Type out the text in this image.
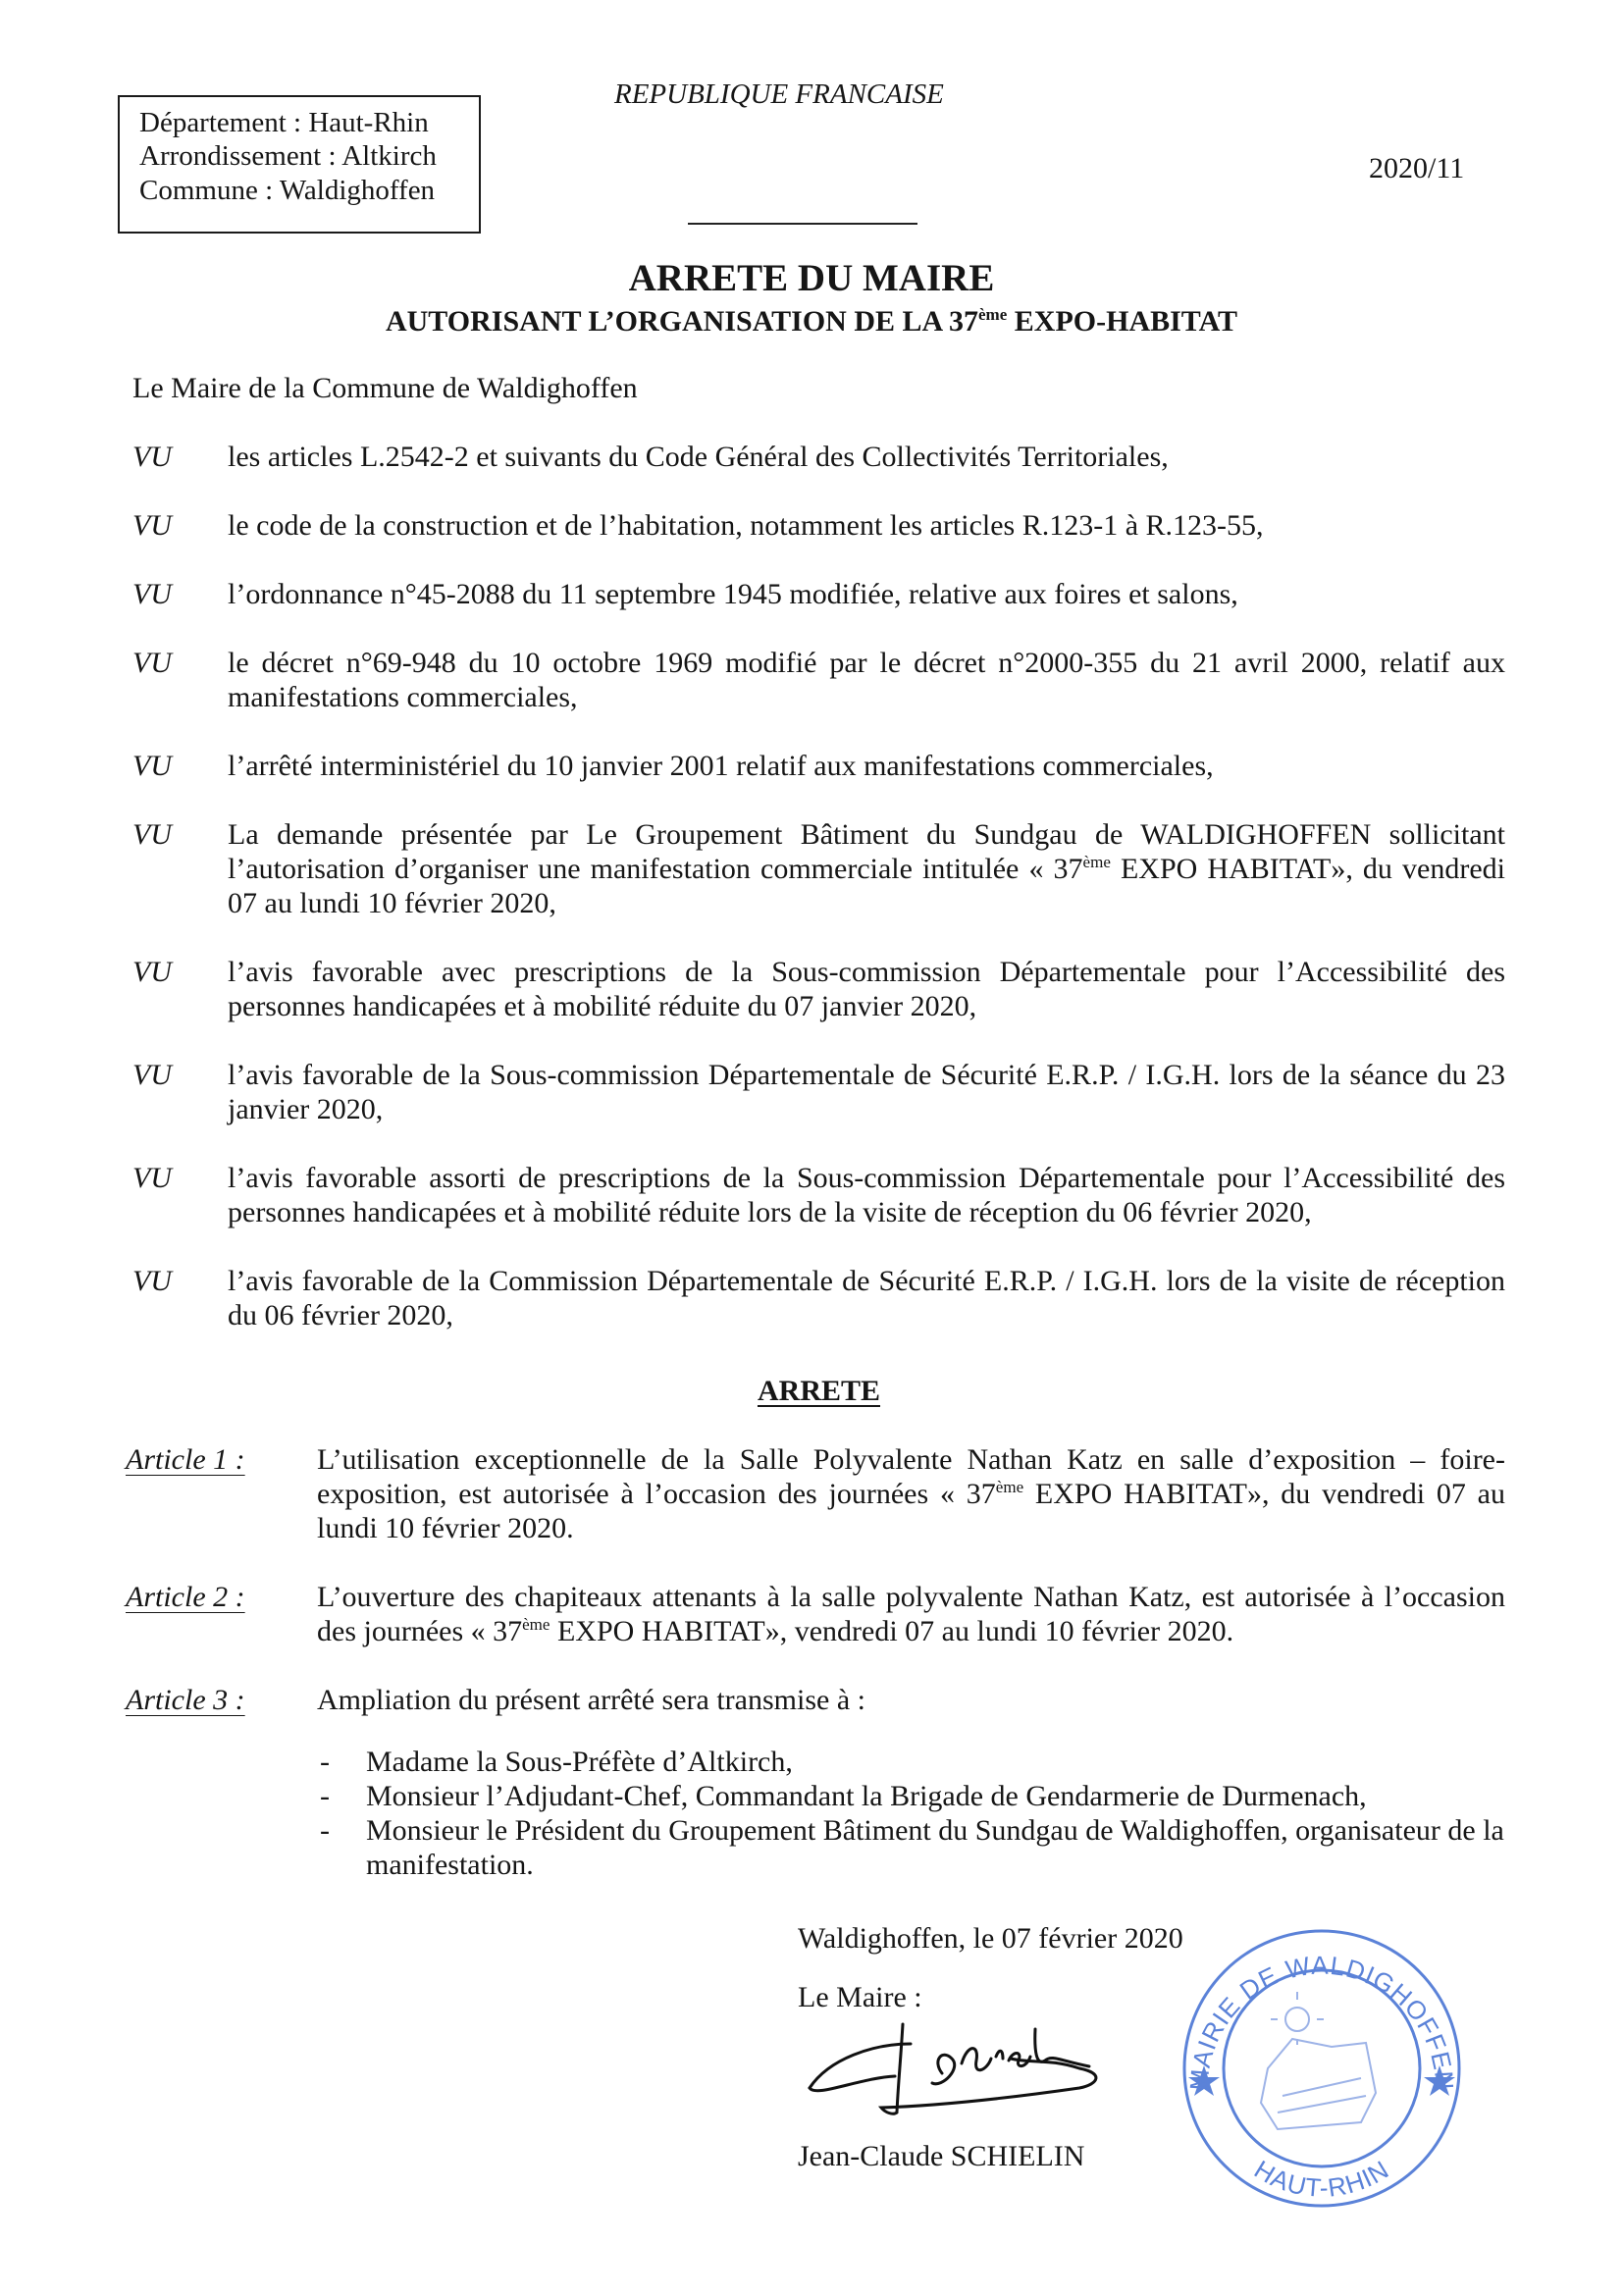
Département : Haut-Rhin
Arrondissement : Altkirch
Commune : Waldighoffen
REPUBLIQUE FRANCAISE
2020/11
ARRETE DU MAIRE
AUTORISANT L’ORGANISATION DE LA 37ème EXPO-HABITAT
Le Maire de la Commune de Waldighoffen
VU	les articles L.2542-2 et suivants du Code Général des Collectivités Territoriales,
VU	le code de la construction et de l’habitation, notamment les articles R.123-1 à R.123-55,
VU	l’ordonnance n°45-2088 du 11 septembre 1945 modifiée, relative aux foires et salons,
VU	le décret n°69-948 du 10 octobre 1969 modifié par le décret n°2000-355 du 21 avril 2000, relatif aux manifestations commerciales,
VU	l’arrêté interministériel du 10 janvier 2001 relatif aux manifestations commerciales,
VU	La demande présentée par Le Groupement Bâtiment du Sundgau de WALDIGHOFFEN sollicitant l’autorisation d’organiser une manifestation commerciale intitulée « 37ème EXPO HABITAT», du vendredi 07 au lundi 10 février 2020,
VU	l’avis favorable avec prescriptions de la Sous-commission Départementale pour l’Accessibilité des personnes handicapées et à mobilité réduite du 07 janvier 2020,
VU	l’avis favorable de la Sous-commission Départementale de Sécurité E.R.P. / I.G.H. lors de la séance du 23 janvier 2020,
VU	l’avis favorable assorti de prescriptions de la Sous-commission Départementale pour l’Accessibilité des personnes handicapées et à mobilité réduite lors de la visite de réception du 06 février 2020,
VU	l’avis favorable de la Commission Départementale de Sécurité E.R.P. / I.G.H. lors de la visite de réception du 06 février 2020,
ARRETE
Article 1 :	L’utilisation exceptionnelle de la Salle Polyvalente Nathan Katz en salle d’exposition – foire-exposition, est autorisée à l’occasion des journées « 37ème EXPO HABITAT», du vendredi 07 au lundi 10 février 2020.
Article 2 :	L’ouverture des chapiteaux attenants à la salle polyvalente Nathan Katz, est autorisée à l’occasion des journées « 37ème EXPO HABITAT», vendredi 07 au lundi 10 février 2020.
Article 3 :	Ampliation du présent arrêté sera transmise à :
-	Madame la Sous-Préfète d’Altkirch,
-	Monsieur l’Adjudant-Chef, Commandant la Brigade de Gendarmerie de Durmenach,
-	Monsieur le Président du Groupement Bâtiment du Sundgau de Waldighoffen, organisateur de la manifestation.
Waldighoffen, le 07 février 2020
Le Maire :
Jean-Claude SCHIELIN
MAIRIE DE WALDIGHOFFEN
HAUT-RHIN
